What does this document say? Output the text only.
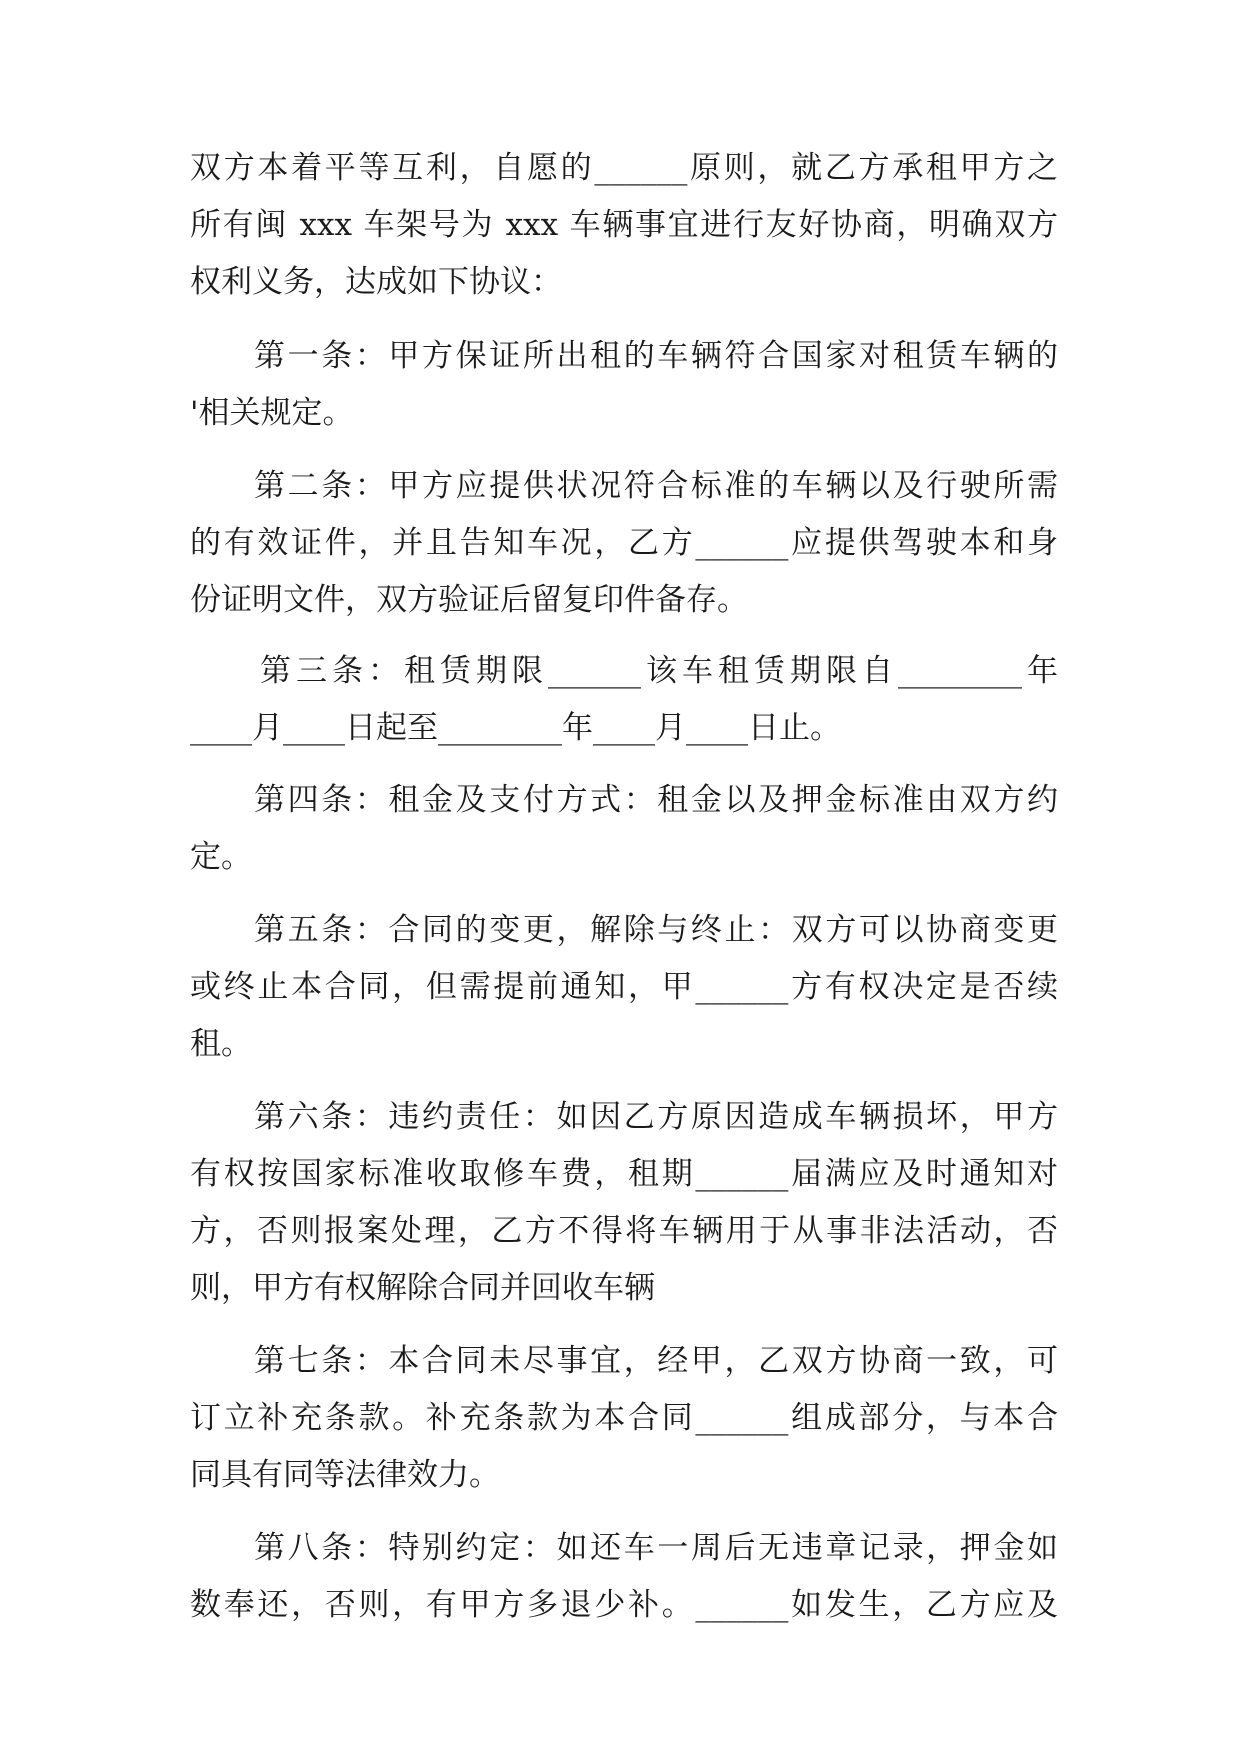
双方本着平等互利，自愿的______原则，就乙方承租甲方之
所有闽 xxx 车架号为 xxx 车辆事宜进行友好协商，明确双方
权利义务，达成如下协议：
第一条：甲方保证所出租的车辆符合国家对租赁车辆的
'相关规定。
第二条：甲方应提供状况符合标准的车辆以及行驶所需
的有效证件，并且告知车况，乙方______应提供驾驶本和身
份证明文件，双方验证后留复印件备存。
第三条：租赁期限______该车租赁期限自________年
____月____日起至________年____月____日止。
第四条：租金及支付方式：租金以及押金标准由双方约
定。
第五条：合同的变更，解除与终止：双方可以协商变更
或终止本合同，但需提前通知，甲______方有权决定是否续
租。
第六条：违约责任：如因乙方原因造成车辆损坏，甲方
有权按国家标准收取修车费，租期______届满应及时通知对
方，否则报案处理，乙方不得将车辆用于从事非法活动，否
则，甲方有权解除合同并回收车辆
第七条：本合同未尽事宜，经甲，乙双方协商一致，可
订立补充条款。补充条款为本合同______组成部分，与本合
同具有同等法律效力。
第八条：特别约定：如还车一周后无违章记录，押金如
数奉还，否则，有甲方多退少补。______如发生，乙方应及
